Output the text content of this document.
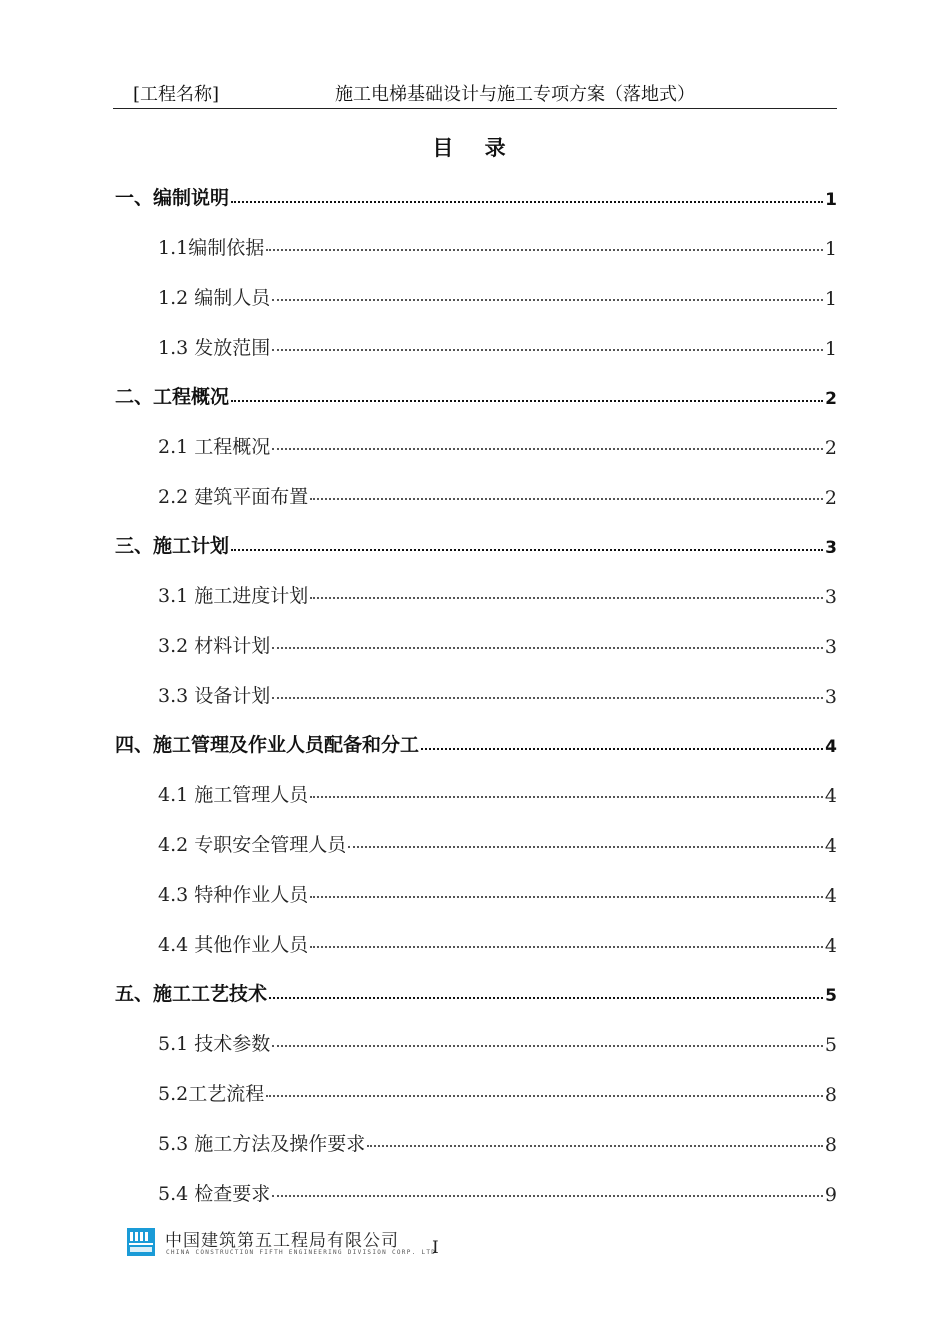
[工程名称]	施工电梯基础设计与施工专项方案（落地式）
目 录
一、编制说明	1
1.1编制依据	1
1.2 编制人员	1
1.3 发放范围	1
二、工程概况	2
2.1 工程概况	2
2.2 建筑平面布置	2
三、施工计划	3
3.1 施工进度计划	3
3.2 材料计划	3
3.3 设备计划	3
四、施工管理及作业人员配备和分工	4
4.1 施工管理人员	4
4.2 专职安全管理人员	4
4.3 特种作业人员	4
4.4 其他作业人员	4
五、施工工艺技术	5
5.1 技术参数	5
5.2工艺流程	8
5.3 施工方法及操作要求	8
5.4 检查要求	9
中国建筑第五工程局有限公司
CHINA CONSTRUCTION FIFTH ENGINEERING DIVISION CORP. LTD
I
